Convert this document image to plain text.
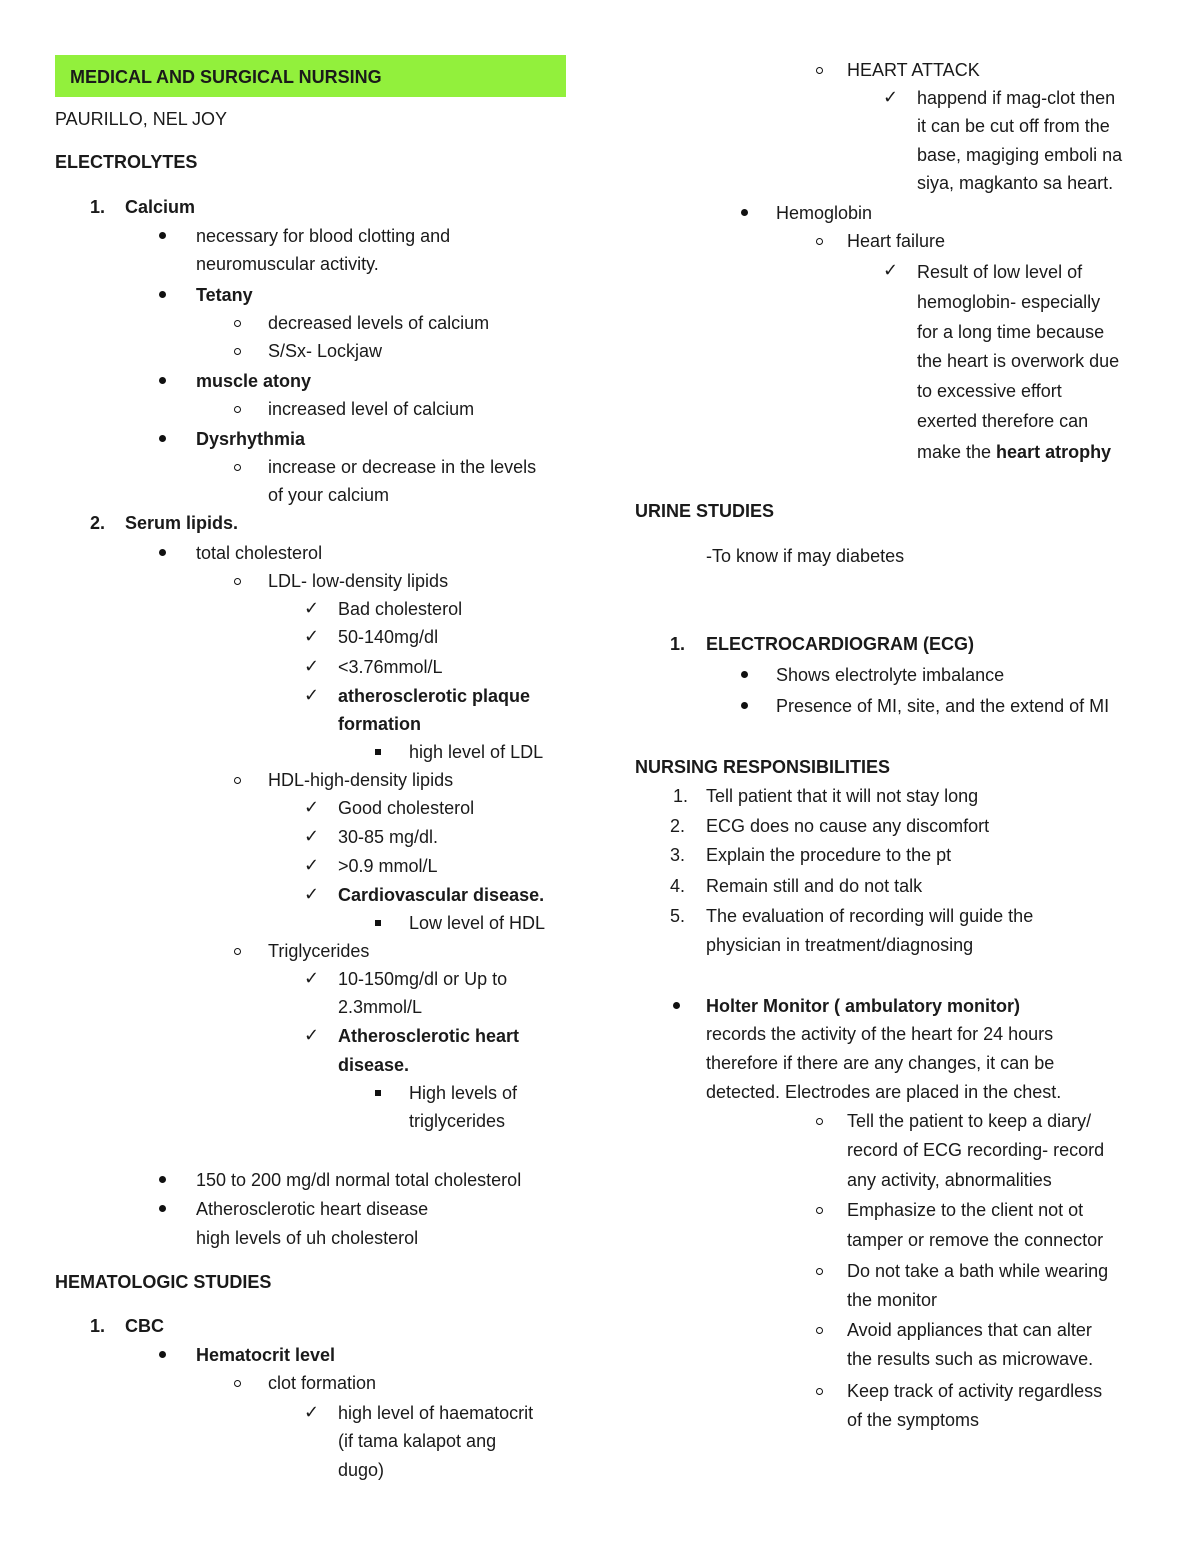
MEDICAL AND SURGICAL NURSING
PAURILLO, NEL JOY
ELECTROLYTES
1. Calcium
necessary for blood clotting and
neuromuscular activity.
Tetany
decreased levels of calcium
S/Sx- Lockjaw
muscle atony
increased level of calcium
Dysrhythmia
increase or decrease in the levels
of your calcium
2. Serum lipids.
total cholesterol
LDL- low-density lipids
✓ Bad cholesterol
✓ 50-140mg/dl
✓ <3.76mmol/L
✓ atherosclerotic plaque
formation
high level of LDL
HDL-high-density lipids
✓ Good cholesterol
✓ 30-85 mg/dl.
✓ >0.9 mmol/L
✓ Cardiovascular disease.
Low level of HDL
Triglycerides
✓ 10-150mg/dl or Up to
2.3mmol/L
✓ Atherosclerotic heart
disease.
High levels of
triglycerides
150 to 200 mg/dl normal total cholesterol
Atherosclerotic heart disease
high levels of uh cholesterol
HEMATOLOGIC STUDIES
1. CBC
Hematocrit level
clot formation
✓ high level of haematocrit
(if tama kalapot ang
dugo)
HEART ATTACK
✓ happend if mag-clot then
it can be cut off from the
base, magiging emboli na
siya, magkanto sa heart.
Hemoglobin
Heart failure
✓ Result of low level of
hemoglobin- especially
for a long time because
the heart is overwork due
to excessive effort
exerted therefore can
make the heart atrophy
URINE STUDIES
-To know if may diabetes
1. ELECTROCARDIOGRAM (ECG)
Shows electrolyte imbalance
Presence of MI, site, and the extend of MI
NURSING RESPONSIBILITIES
1. Tell patient that it will not stay long
2. ECG does no cause any discomfort
3. Explain the procedure to the pt
4. Remain still and do not talk
5. The evaluation of recording will guide the
physician in treatment/diagnosing
Holter Monitor ( ambulatory monitor)
records the activity of the heart for 24 hours
therefore if there are any changes, it can be
detected. Electrodes are placed in the chest.
Tell the patient to keep a diary/
record of ECG recording- record
any activity, abnormalities
Emphasize to the client not ot
tamper or remove the connector
Do not take a bath while wearing
the monitor
Avoid appliances that can alter
the results such as microwave.
Keep track of activity regardless
of the symptoms
